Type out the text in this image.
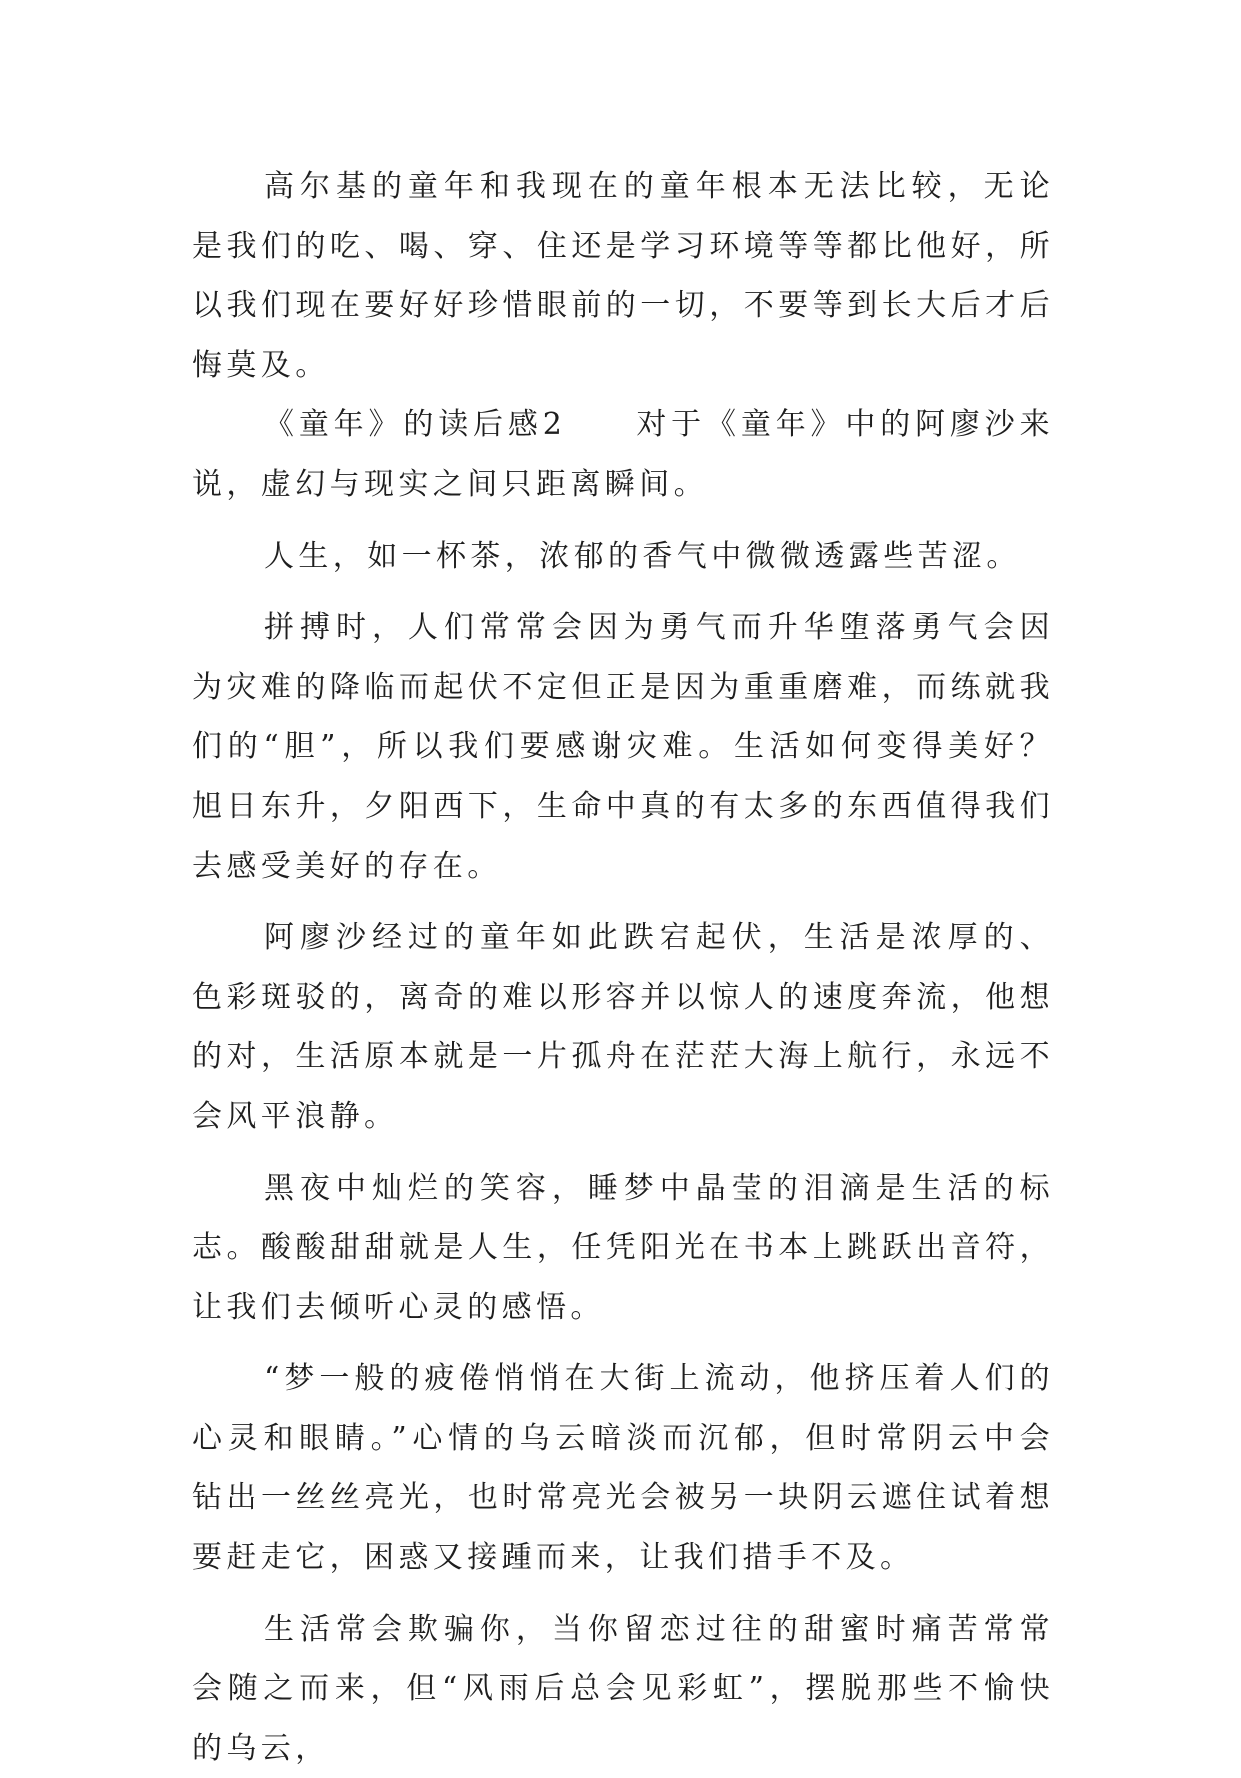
高尔基的童年和我现在的童年根本无法比较，无论是我们的吃、喝、穿、住还是学习环境等等都比他好，所以我们现在要好好珍惜眼前的一切，不要等到长大后才后悔莫及。

《童年》的读后感2　　对于《童年》中的阿廖沙来说，虚幻与现实之间只距离瞬间。

人生，如一杯茶，浓郁的香气中微微透露些苦涩。

拼搏时，人们常常会因为勇气而升华堕落勇气会因为灾难的降临而起伏不定但正是因为重重磨难，而练就我们的“胆”，所以我们要感谢灾难。生活如何变得美好？旭日东升，夕阳西下，生命中真的有太多的东西值得我们去感受美好的存在。

阿廖沙经过的童年如此跌宕起伏，生活是浓厚的、色彩斑驳的，离奇的难以形容并以惊人的速度奔流，他想的对，生活原本就是一片孤舟在茫茫大海上航行，永远不会风平浪静。

黑夜中灿烂的笑容，睡梦中晶莹的泪滴是生活的标志。酸酸甜甜就是人生，任凭阳光在书本上跳跃出音符，让我们去倾听心灵的感悟。

“梦一般的疲倦悄悄在大街上流动，他挤压着人们的心灵和眼睛。”心情的乌云暗淡而沉郁，但时常阴云中会钻出一丝丝亮光，也时常亮光会被另一块阴云遮住试着想要赶走它，困惑又接踵而来，让我们措手不及。

生活常会欺骗你，当你留恋过往的甜蜜时痛苦常常会随之而来，但“风雨后总会见彩虹”，摆脱那些不愉快的乌云，
